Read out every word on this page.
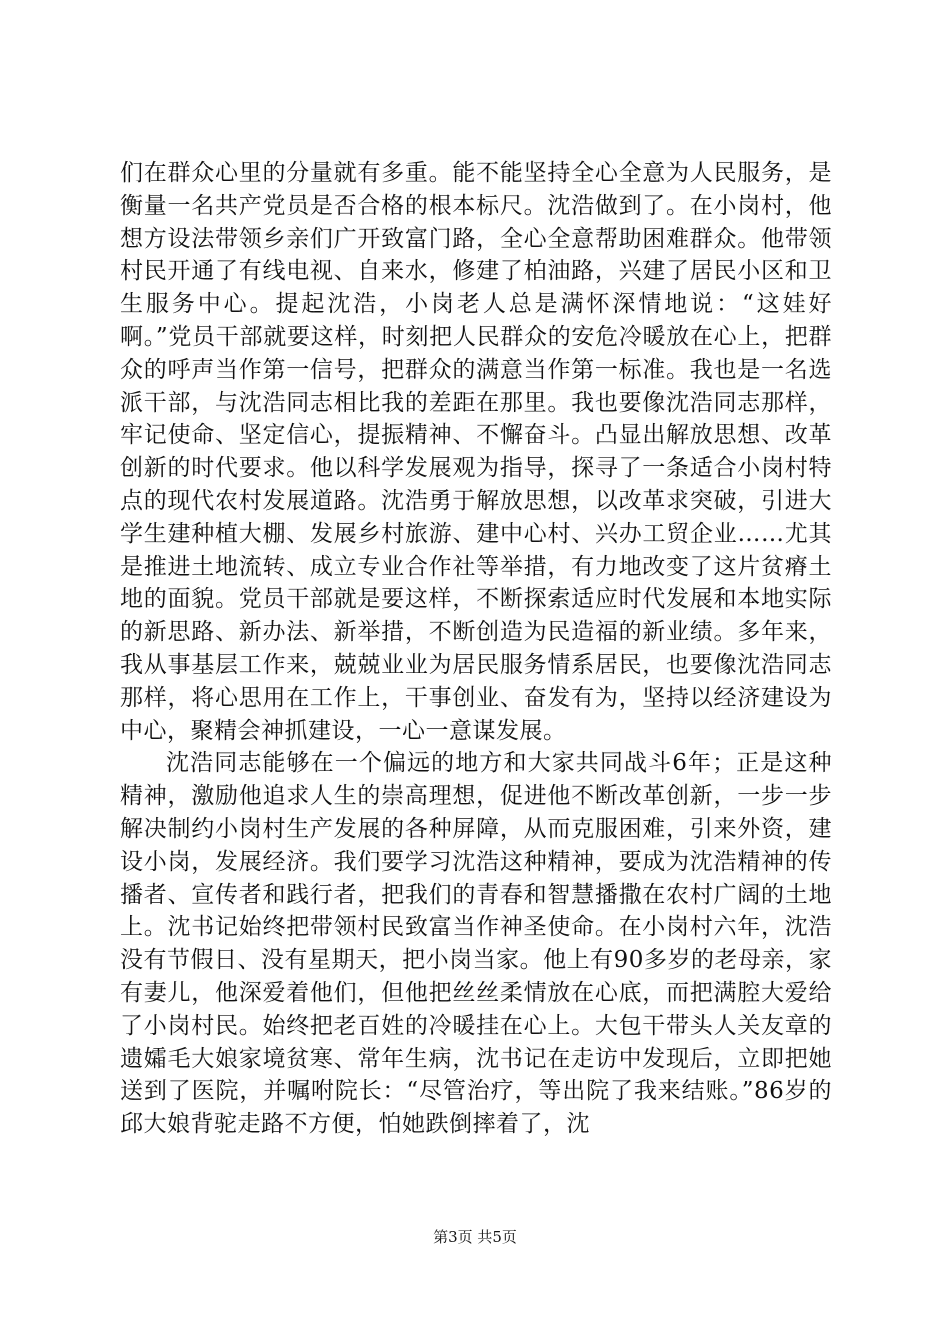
们在群众心里的分量就有多重。能不能坚持全心全意为人民服务，是衡量一名共产党员是否合格的根本标尺。沈浩做到了。在小岗村，他想方设法带领乡亲们广开致富门路，全心全意帮助困难群众。他带领村民开通了有线电视、自来水，修建了柏油路，兴建了居民小区和卫生服务中心。提起沈浩，小岗老人总是满怀深情地说：“这娃好啊。”党员干部就要这样，时刻把人民群众的安危冷暖放在心上，把群众的呼声当作第一信号，把群众的满意当作第一标准。我也是一名选派干部，与沈浩同志相比我的差距在那里。我也要像沈浩同志那样，牢记使命、坚定信心，提振精神、不懈奋斗。凸显出解放思想、改革创新的时代要求。他以科学发展观为指导，探寻了一条适合小岗村特点的现代农村发展道路。沈浩勇于解放思想，以改革求突破，引进大学生建种植大棚、发展乡村旅游、建中心村、兴办工贸企业……尤其是推进土地流转、成立专业合作社等举措，有力地改变了这片贫瘠土地的面貌。党员干部就是要这样，不断探索适应时代发展和本地实际的新思路、新办法、新举措，不断创造为民造福的新业绩。多年来，我从事基层工作来，兢兢业业为居民服务情系居民，也要像沈浩同志那样，将心思用在工作上，干事创业、奋发有为，坚持以经济建设为中心，聚精会神抓建设，一心一意谋发展。

沈浩同志能够在一个偏远的地方和大家共同战斗6年；正是这种精神，激励他追求人生的崇高理想，促进他不断改革创新，一步一步解决制约小岗村生产发展的各种屏障，从而克服困难，引来外资，建设小岗，发展经济。我们要学习沈浩这种精神，要成为沈浩精神的传播者、宣传者和践行者，把我们的青春和智慧播撒在农村广阔的土地上。沈书记始终把带领村民致富当作神圣使命。在小岗村六年，沈浩没有节假日、没有星期天，把小岗当家。他上有90多岁的老母亲，家有妻儿，他深爱着他们，但他把丝丝柔情放在心底，而把满腔大爱给了小岗村民。始终把老百姓的冷暖挂在心上。大包干带头人关友章的遗孀毛大娘家境贫寒、常年生病，沈书记在走访中发现后，立即把她送到了医院，并嘱咐院长：“尽管治疗，等出院了我来结账。”86岁的邱大娘背驼走路不方便，怕她跌倒摔着了，沈

第3页 共5页
